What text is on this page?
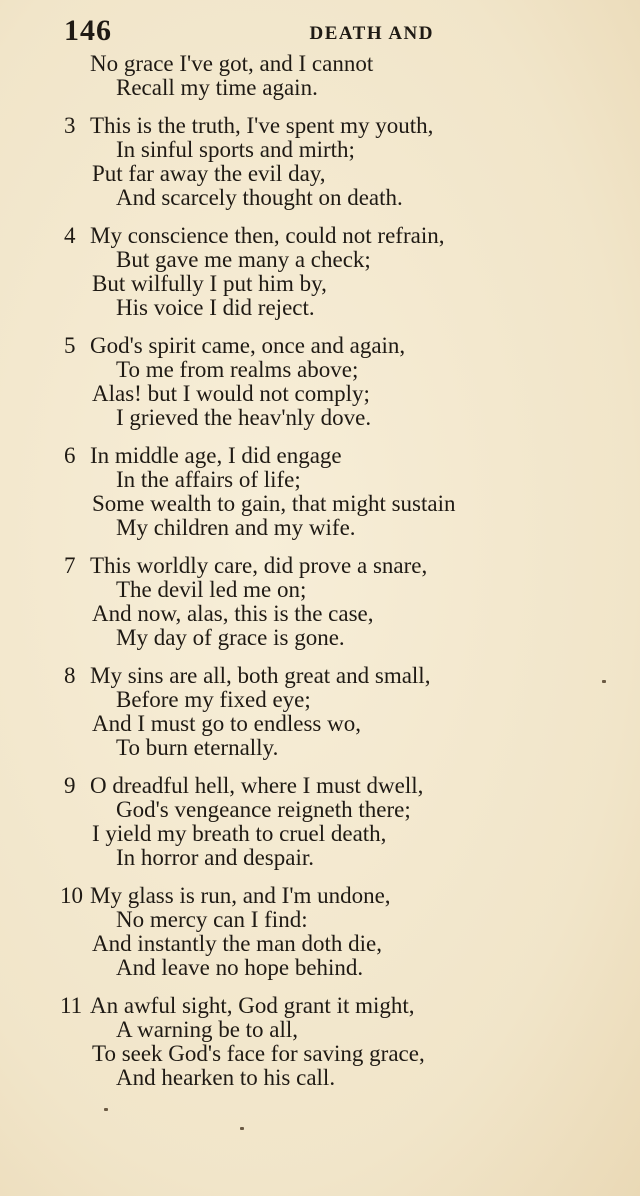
146	DEATH AND
No grace I've got, and I cannot
Recall my time again.
3 This is the truth, I've spent my youth,
In sinful sports and mirth;
Put far away the evil day,
And scarcely thought on death.
4 My conscience then, could not refrain,
But gave me many a check;
But wilfully I put him by,
His voice I did reject.
5 God's spirit came, once and again,
To me from realms above;
Alas! but I would not comply;
I grieved the heav'nly dove.
6 In middle age, I did engage
In the affairs of life;
Some wealth to gain, that might sustain
My children and my wife.
7 This worldly care, did prove a snare,
The devil led me on;
And now, alas, this is the case,
My day of grace is gone.
8 My sins are all, both great and small,
Before my fixed eye;
And I must go to endless wo,
To burn eternally.
9 O dreadful hell, where I must dwell,
God's vengeance reigneth there;
I yield my breath to cruel death,
In horror and despair.
10 My glass is run, and I'm undone,
No mercy can I find:
And instantly the man doth die,
And leave no hope behind.
11 An awful sight, God grant it might,
A warning be to all,
To seek God's face for saving grace,
And hearken to his call.
